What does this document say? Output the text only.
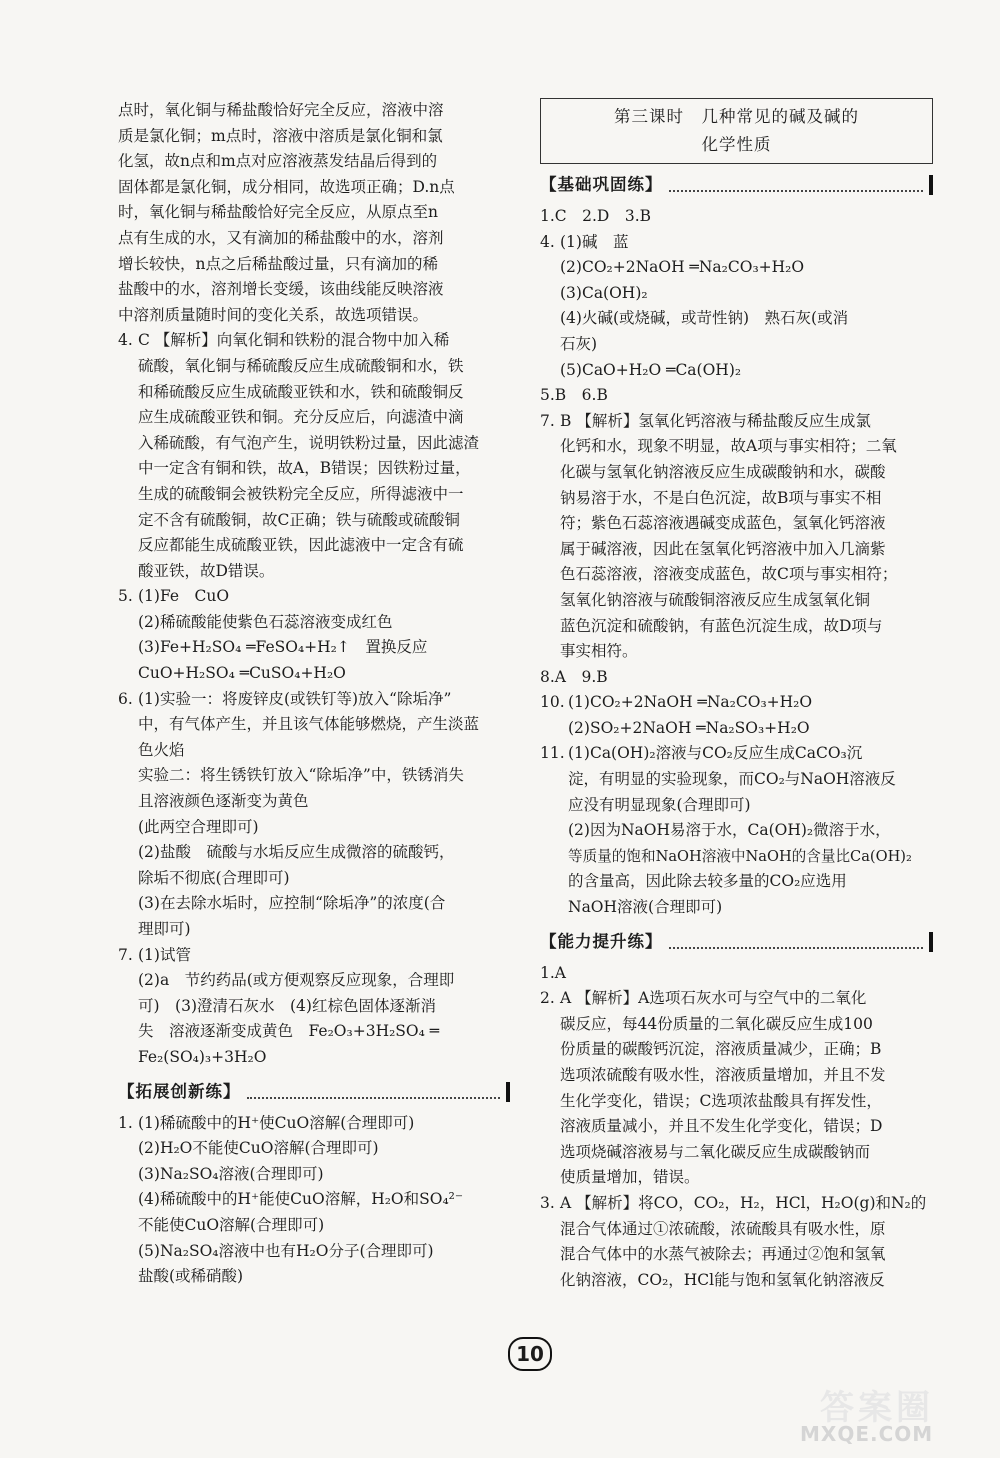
点时，氧化铜与稀盐酸恰好完全反应，溶液中溶
质是氯化铜；m点时，溶液中溶质是氯化铜和氯
化氢，故n点和m点对应溶液蒸发结晶后得到的
固体都是氯化铜，成分相同，故选项正确；D.n点
时，氧化铜与稀盐酸恰好完全反应，从原点至n
点有生成的水，又有滴加的稀盐酸中的水，溶剂
增长较快，n点之后稀盐酸过量，只有滴加的稀
盐酸中的水，溶剂增长变缓，该曲线能反映溶液
中溶剂质量随时间的变化关系，故选项错误。
4. C 【解析】向氧化铜和铁粉的混合物中加入稀
硫酸，氧化铜与稀硫酸反应生成硫酸铜和水，铁
和稀硫酸反应生成硫酸亚铁和水，铁和硫酸铜反
应生成硫酸亚铁和铜。充分反应后，向滤渣中滴
入稀硫酸，有气泡产生，说明铁粉过量，因此滤渣
中一定含有铜和铁，故A，B错误；因铁粉过量，
生成的硫酸铜会被铁粉完全反应，所得滤液中一
定不含有硫酸铜，故C正确；铁与硫酸或硫酸铜
反应都能生成硫酸亚铁，因此滤液中一定含有硫
酸亚铁，故D错误。
5. (1)Fe　CuO
(2)稀硫酸能使紫色石蕊溶液变成红色
(3)Fe+H₂SO₄ ═FeSO₄+H₂↑　置换反应
CuO+H₂SO₄ ═CuSO₄+H₂O
6. (1)实验一：将废锌皮(或铁钉等)放入“除垢净”
中，有气体产生，并且该气体能够燃烧，产生淡蓝
色火焰
实验二：将生锈铁钉放入“除垢净”中，铁锈消失
且溶液颜色逐渐变为黄色
(此两空合理即可)
(2)盐酸　硫酸与水垢反应生成微溶的硫酸钙，
除垢不彻底(合理即可)
(3)在去除水垢时，应控制“除垢净”的浓度(合
理即可)
7. (1)试管
(2)a　节约药品(或方便观察反应现象，合理即
可)　(3)澄清石灰水　(4)红棕色固体逐渐消
失　溶液逐渐变成黄色　Fe₂O₃+3H₂SO₄ ═
Fe₂(SO₄)₃+3H₂O
【拓展创新练】
1. (1)稀硫酸中的H⁺使CuO溶解(合理即可)
(2)H₂O不能使CuO溶解(合理即可)
(3)Na₂SO₄溶液(合理即可)
(4)稀硫酸中的H⁺能使CuO溶解，H₂O和SO₄²⁻
不能使CuO溶解(合理即可)
(5)Na₂SO₄溶液中也有H₂O分子(合理即可)
盐酸(或稀硝酸)
第三课时　几种常见的碱及碱的
化学性质
【基础巩固练】
1.C　2.D　3.B
4. (1)碱　蓝
(2)CO₂+2NaOH ═Na₂CO₃+H₂O
(3)Ca(OH)₂
(4)火碱(或烧碱，或苛性钠)　熟石灰(或消
石灰)
(5)CaO+H₂O ═Ca(OH)₂
5.B　6.B
7. B 【解析】氢氧化钙溶液与稀盐酸反应生成氯
化钙和水，现象不明显，故A项与事实相符；二氧
化碳与氢氧化钠溶液反应生成碳酸钠和水，碳酸
钠易溶于水，不是白色沉淀，故B项与事实不相
符；紫色石蕊溶液遇碱变成蓝色，氢氧化钙溶液
属于碱溶液，因此在氢氧化钙溶液中加入几滴紫
色石蕊溶液，溶液变成蓝色，故C项与事实相符；
氢氧化钠溶液与硫酸铜溶液反应生成氢氧化铜
蓝色沉淀和硫酸钠，有蓝色沉淀生成，故D项与
事实相符。
8.A　9.B
10. (1)CO₂+2NaOH ═Na₂CO₃+H₂O
(2)SO₂+2NaOH ═Na₂SO₃+H₂O
11. (1)Ca(OH)₂溶液与CO₂反应生成CaCO₃沉
淀，有明显的实验现象，而CO₂与NaOH溶液反
应没有明显现象(合理即可)
(2)因为NaOH易溶于水，Ca(OH)₂微溶于水，
等质量的饱和NaOH溶液中NaOH的含量比Ca(OH)₂
的含量高，因此除去较多量的CO₂应选用
NaOH溶液(合理即可)
【能力提升练】
1.A
2. A 【解析】A选项石灰水可与空气中的二氧化
碳反应，每44份质量的二氧化碳反应生成100
份质量的碳酸钙沉淀，溶液质量减少，正确；B
选项浓硫酸有吸水性，溶液质量增加，并且不发
生化学变化，错误；C选项浓盐酸具有挥发性，
溶液质量减小，并且不发生化学变化，错误；D
选项烧碱溶液易与二氧化碳反应生成碳酸钠而
使质量增加，错误。
3. A 【解析】将CO，CO₂，H₂，HCl，H₂O(g)和N₂的
混合气体通过①浓硫酸，浓硫酸具有吸水性，原
混合气体中的水蒸气被除去；再通过②饱和氢氧
化钠溶液，CO₂，HCl能与饱和氢氧化钠溶液反
10
答案圈
MXQE.COM
